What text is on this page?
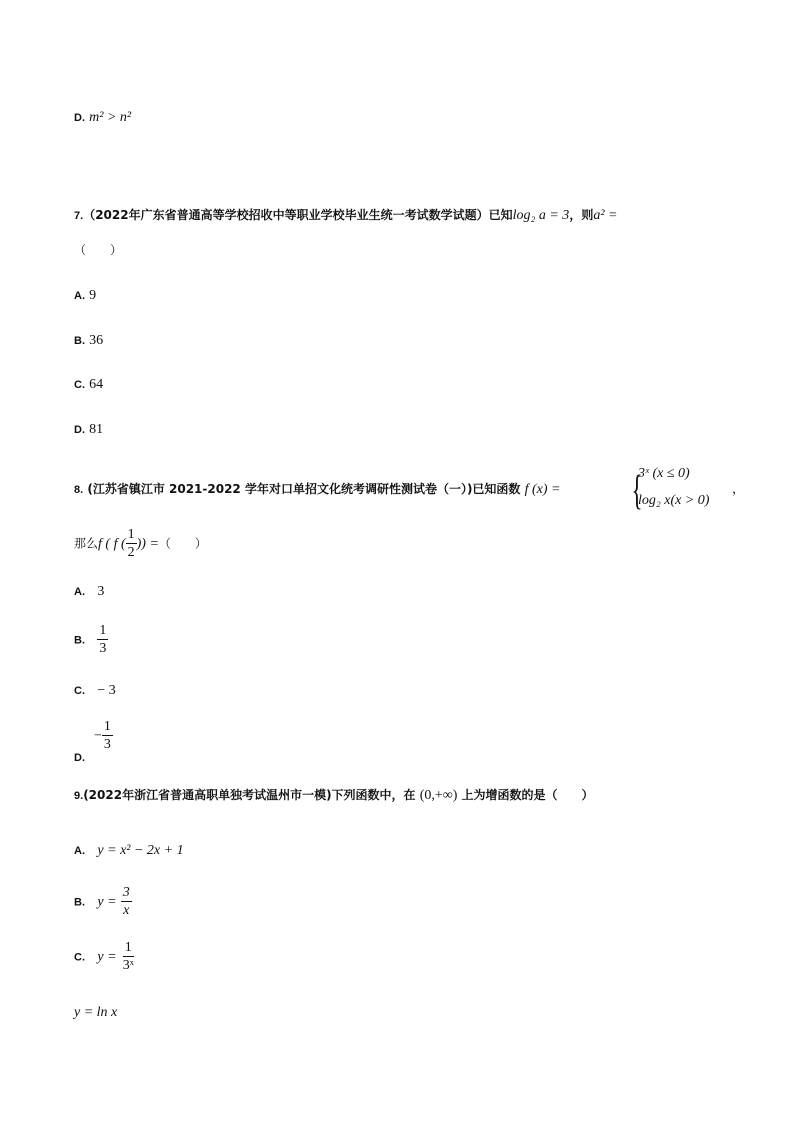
D. m² > n²
7.（2022年广东省普通高等学校招收中等职业学校毕业生统一考试数学试题）已知log₂ a = 3，则a² =
（　　）
A. 9
B. 36
C. 64
D. 81
8. (江苏省镇江市 2021-2022 学年对口单招文化统考调研性测试卷（一）)已知函数 f (x) = {
3ˣ (x ≤ 0)
log₂ x(x > 0)
，
那么f ( f ( $\frac{1}{2}$ )) =（　　）
A. 3
B. $\frac{1}{3}$
C. − 3
− $\frac{1}{3}$
D.
9.(2022年浙江省普通高职单独考试温州市一模)下列函数中，在 (0,+∞) 上为增函数的是（　　）
A. y = x² − 2x + 1
B. $y = \frac{3}{x}$
C. $y = \frac{1}{\text{3ˣ}}$
y = ln x
